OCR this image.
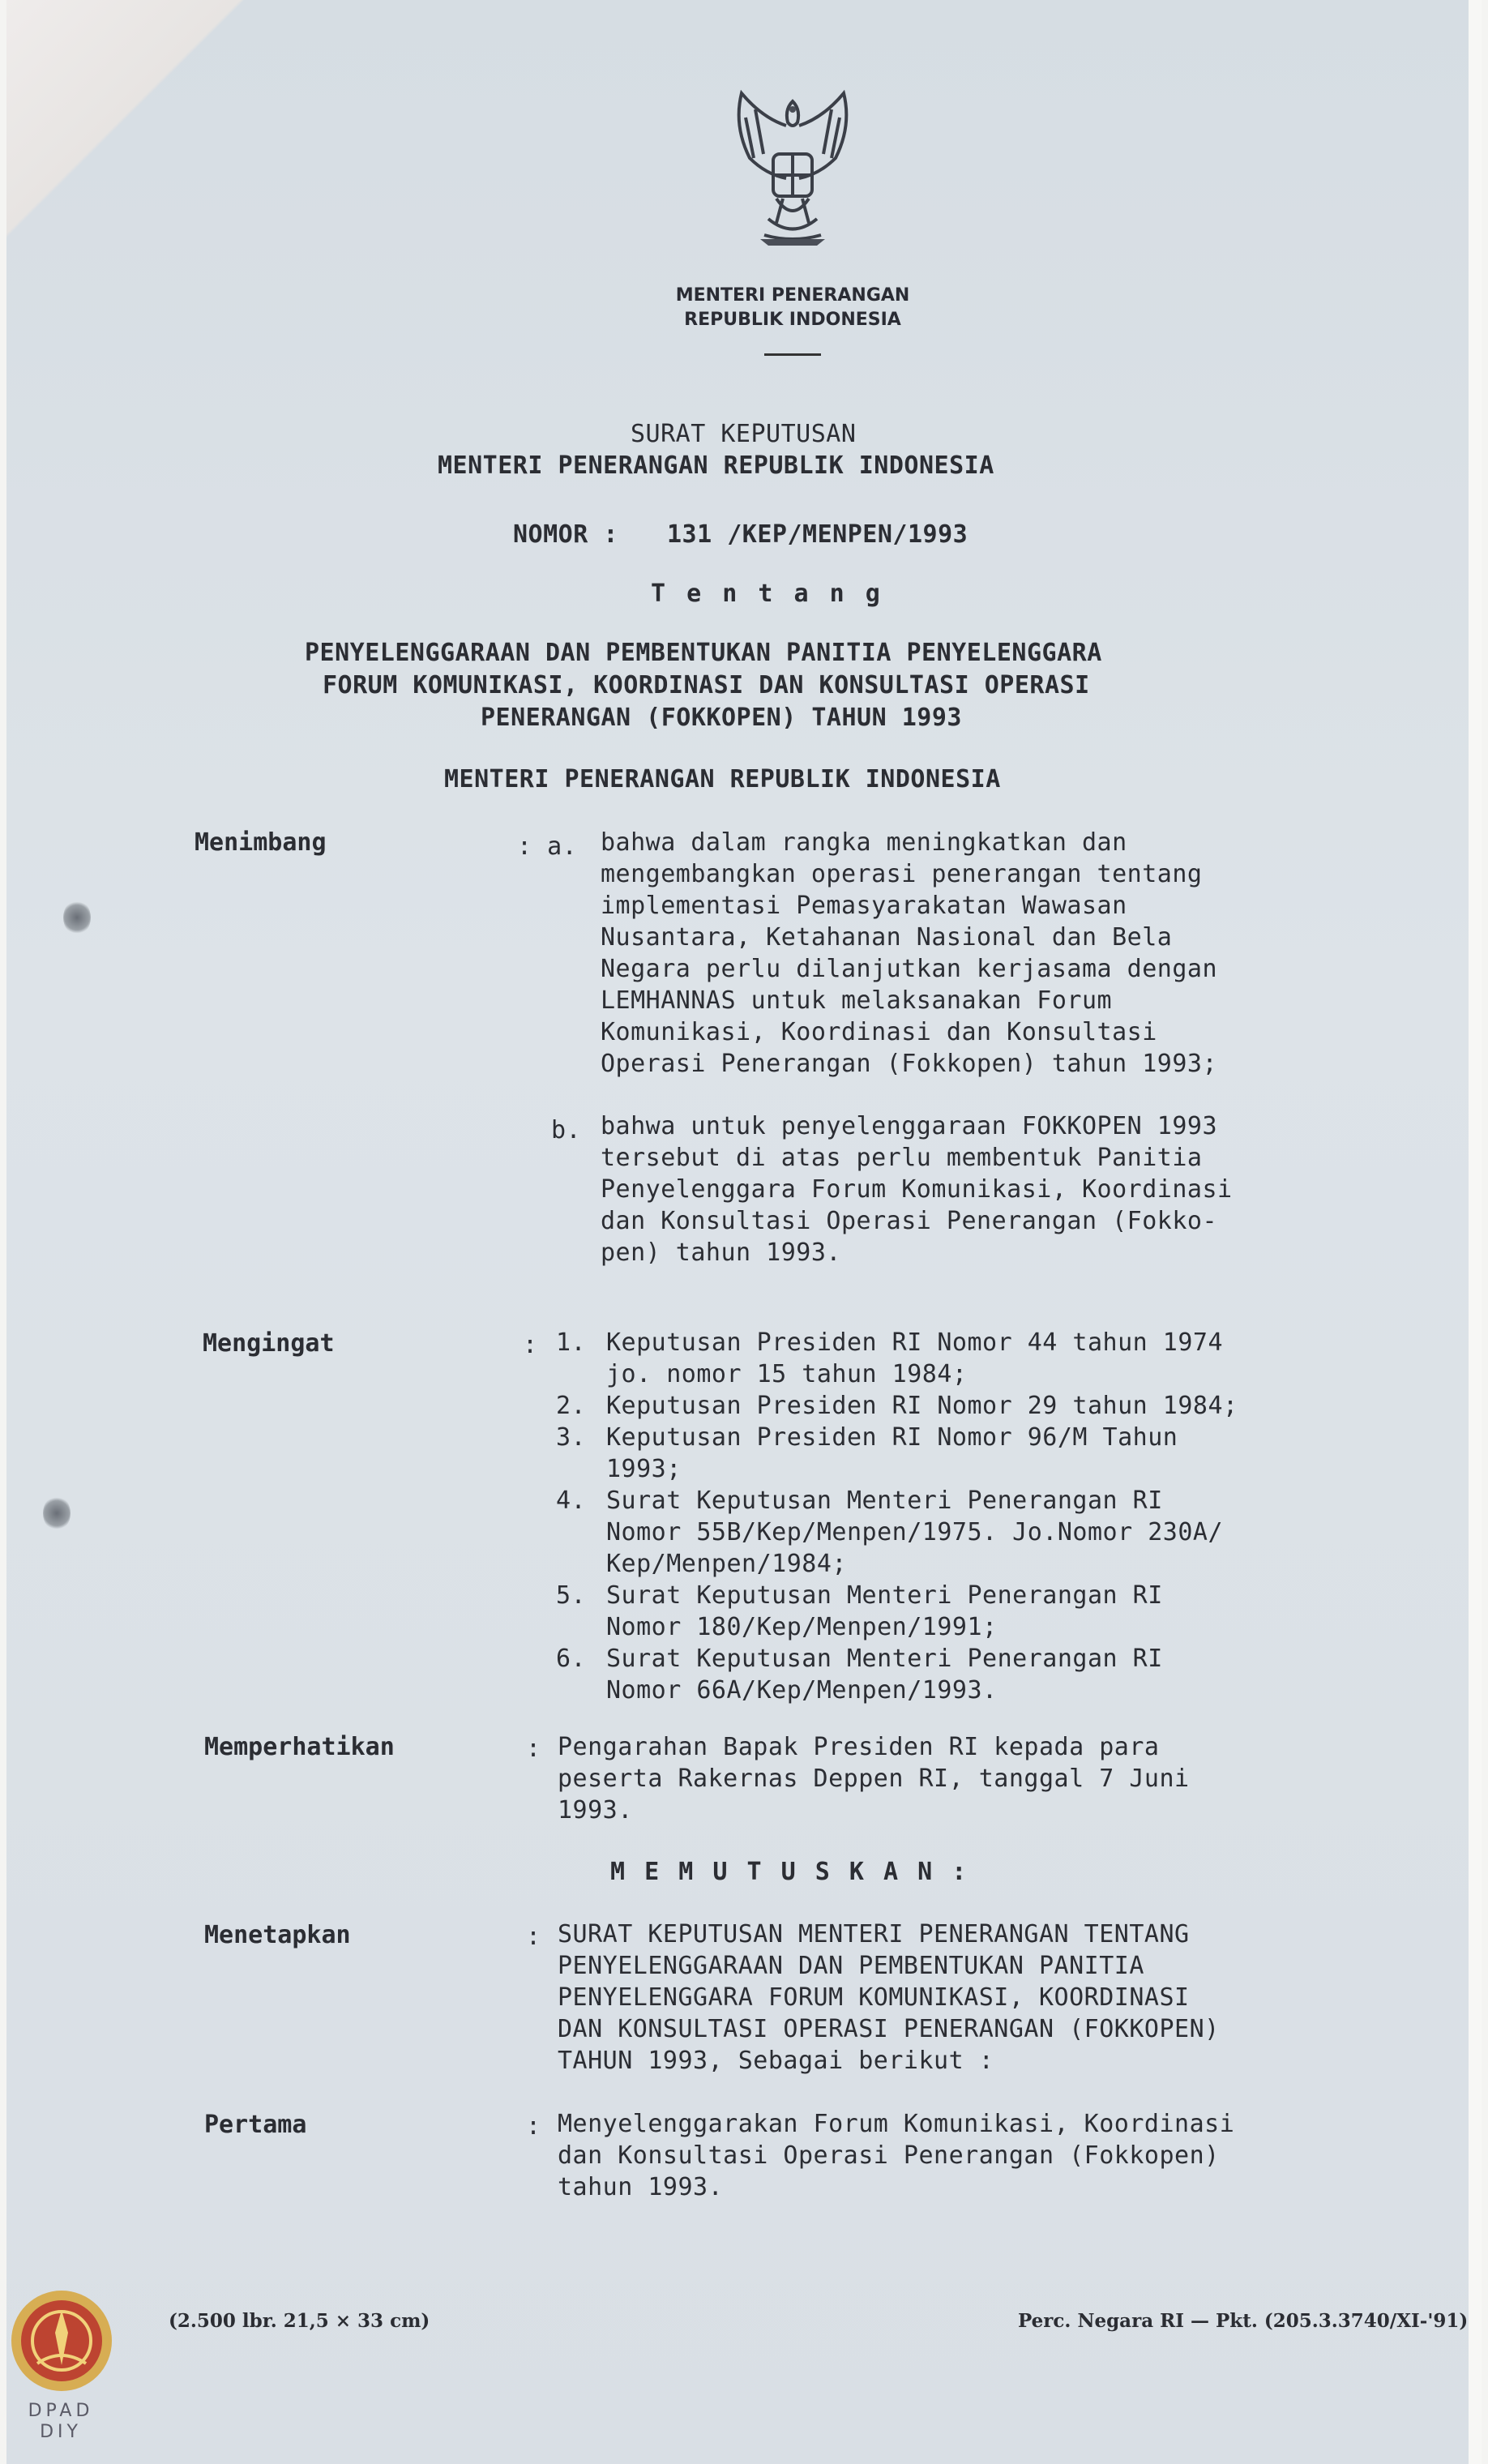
MENTERI PENERANGAN
REPUBLIK INDONESIA
SURAT KEPUTUSAN
MENTERI PENERANGAN REPUBLIK INDONESIA
NOMOR : 131 /KEP/MENPEN/1993
T e n t a n g
PENYELENGGARAAN DAN PEMBENTUKAN PANITIA PENYELENGGARA
FORUM KOMUNIKASI, KOORDINASI DAN KONSULTASI OPERASI
PENERANGAN (FOKKOPEN) TAHUN 1993
MENTERI PENERANGAN REPUBLIK INDONESIA
Menimbang	: a. bahwa dalam rangka meningkatkan dan
mengembangkan operasi penerangan tentang
implementasi Pemasyarakatan Wawasan
Nusantara, Ketahanan Nasional dan Bela
Negara perlu dilanjutkan kerjasama dengan
LEMHANNAS untuk melaksanakan Forum
Komunikasi, Koordinasi dan Konsultasi
Operasi Penerangan (Fokkopen) tahun 1993;
b. bahwa untuk penyelenggaraan FOKKOPEN 1993
tersebut di atas perlu membentuk Panitia
Penyelenggara Forum Komunikasi, Koordinasi
dan Konsultasi Operasi Penerangan (Fokko-
pen) tahun 1993.
Mengingat	: 1. Keputusan Presiden RI Nomor 44 tahun 1974
jo. nomor 15 tahun 1984;
2. Keputusan Presiden RI Nomor 29 tahun 1984;
3. Keputusan Presiden RI Nomor 96/M Tahun
1993;
4. Surat Keputusan Menteri Penerangan RI
Nomor 55B/Kep/Menpen/1975. Jo.Nomor 230A/
Kep/Menpen/1984;
5. Surat Keputusan Menteri Penerangan RI
Nomor 180/Kep/Menpen/1991;
6. Surat Keputusan Menteri Penerangan RI
Nomor 66A/Kep/Menpen/1993.
Memperhatikan	: Pengarahan Bapak Presiden RI kepada para
peserta Rakernas Deppen RI, tanggal 7 Juni
1993.
M E M U T U S K A N :
Menetapkan	: SURAT KEPUTUSAN MENTERI PENERANGAN TENTANG
PENYELENGGARAAN DAN PEMBENTUKAN PANITIA
PENYELENGGARA FORUM KOMUNIKASI, KOORDINASI
DAN KONSULTASI OPERASI PENERANGAN (FOKKOPEN)
TAHUN 1993, Sebagai berikut :
Pertama	: Menyelenggarakan Forum Komunikasi, Koordinasi
dan Konsultasi Operasi Penerangan (Fokkopen)
tahun 1993.
(2.500 lbr. 21,5 × 33 cm)	Perc. Negara RI — Pkt. (205.3.3740/XI-'91)
DPAD
DIY
